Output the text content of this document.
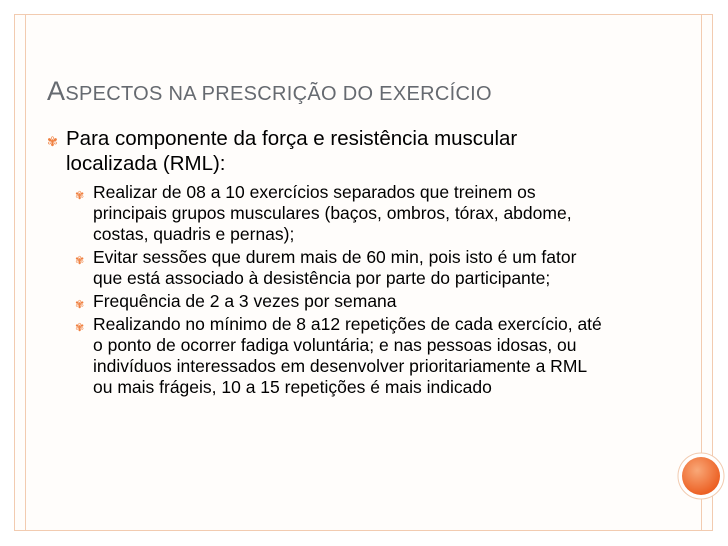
ASPECTOS NA PRESCRIÇÃO DO EXERCÍCIO
✾ Para componente da força e resistência muscular localizada (RML):
✾ Realizar de 08 a 10 exercícios separados que treinem os principais grupos musculares (baços, ombros, tórax, abdome, costas, quadris e pernas);
✾ Evitar sessões que durem mais de 60 min, pois isto é um fator que está associado à desistência por parte do participante;
✾ Frequência de 2 a 3 vezes por semana
✾ Realizando no mínimo de 8 a12 repetições de cada exercício, até o ponto de ocorrer fadiga voluntária; e nas pessoas idosas, ou indivíduos interessados em desenvolver prioritariamente a RML ou mais frágeis, 10 a 15 repetições é mais indicado
